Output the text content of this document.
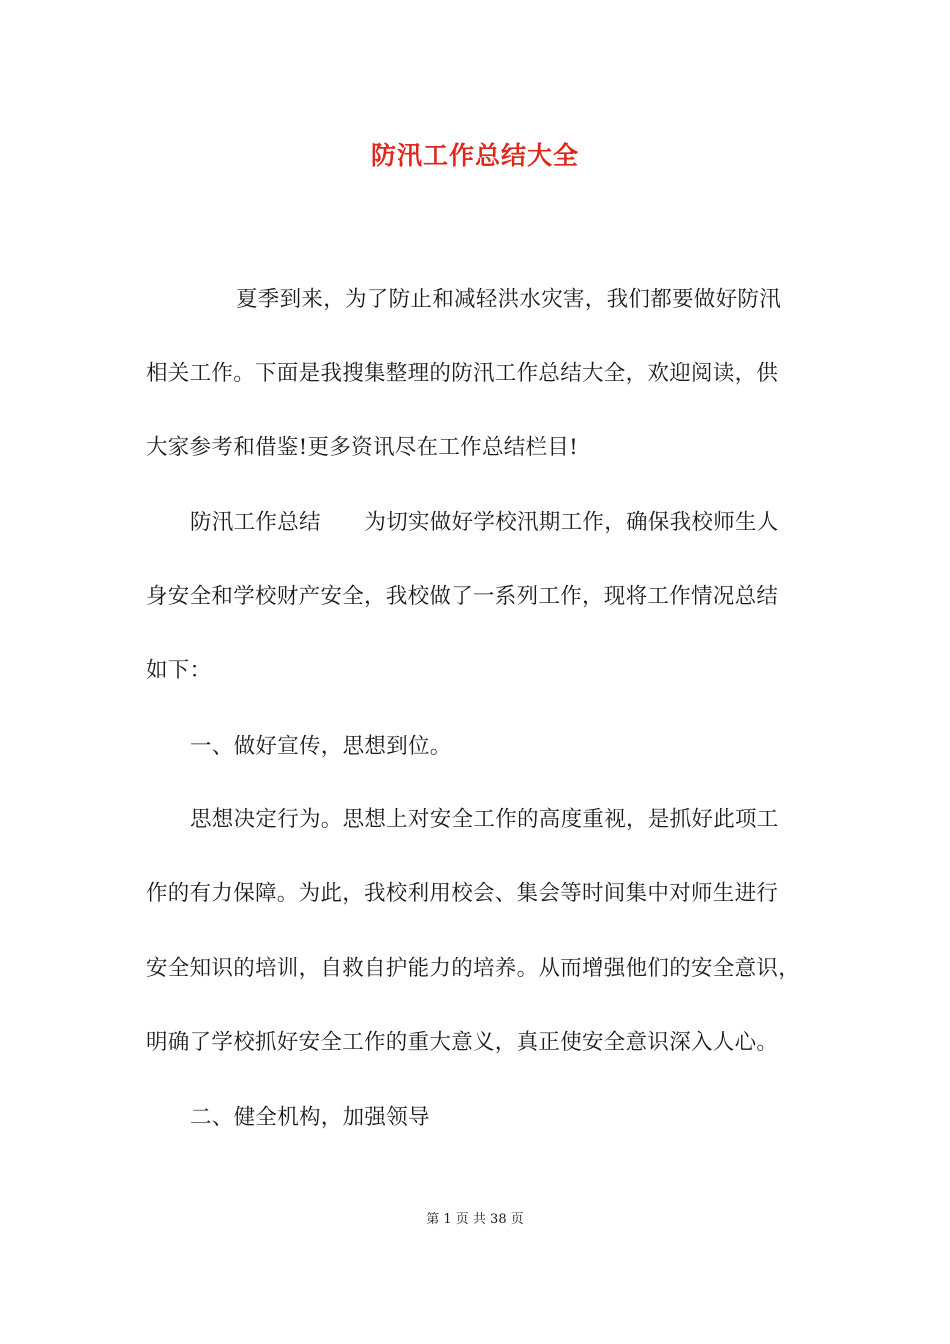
防汛工作总结大全
夏季到来，为了防止和减轻洪水灾害，我们都要做好防汛
相关工作。下面是我搜集整理的防汛工作总结大全，欢迎阅读，供
大家参考和借鉴!更多资讯尽在工作总结栏目!
防汛工作总结　　为切实做好学校汛期工作，确保我校师生人
身安全和学校财产安全，我校做了一系列工作，现将工作情况总结
如下：
一、做好宣传，思想到位。
思想决定行为。思想上对安全工作的高度重视，是抓好此项工
作的有力保障。为此，我校利用校会、集会等时间集中对师生进行
安全知识的培训，自救自护能力的培养。从而增强他们的安全意识，
明确了学校抓好安全工作的重大意义，真正使安全意识深入人心。
二、健全机构，加强领导
第 1 页 共 38 页
